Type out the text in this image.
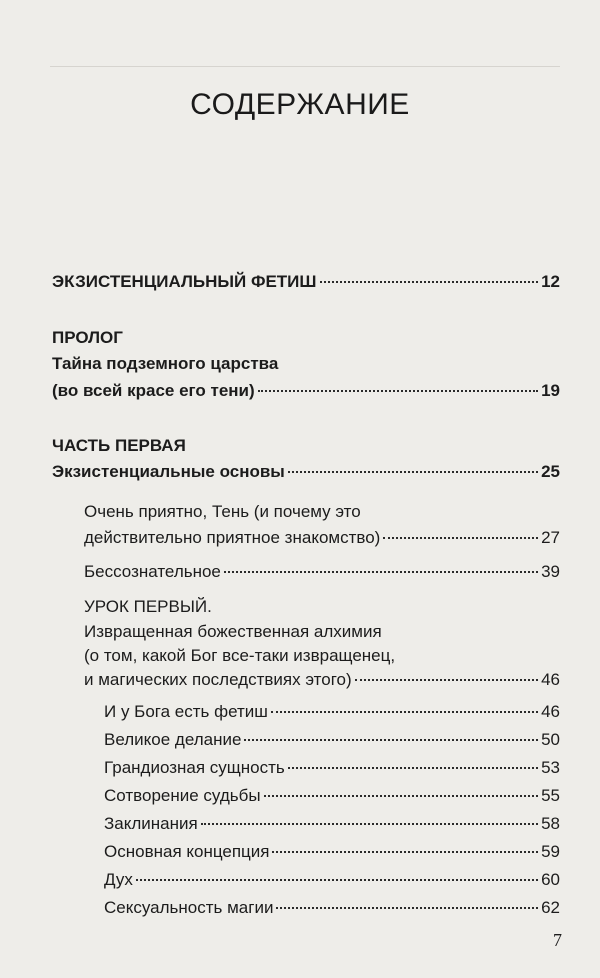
СОДЕРЖАНИЕ
ЭКЗИСТЕНЦИАЛЬНЫЙ ФЕТИШ	12
ПРОЛОГ
Тайна подземного царства
(во всей красе его тени)	19
ЧАСТЬ ПЕРВАЯ
Экзистенциальные основы	25
Очень приятно, Тень (и почему это
действительно приятное знакомство)	27
Бессознательное	39
УРОК ПЕРВЫЙ.
Извращенная божественная алхимия
(о том, какой Бог все-таки извращенец,
и магических последствиях этого)	46
И у Бога есть фетиш	46
Великое делание	50
Грандиозная сущность	53
Сотворение судьбы	55
Заклинания	58
Основная концепция	59
Дух	60
Сексуальность магии	62
7
